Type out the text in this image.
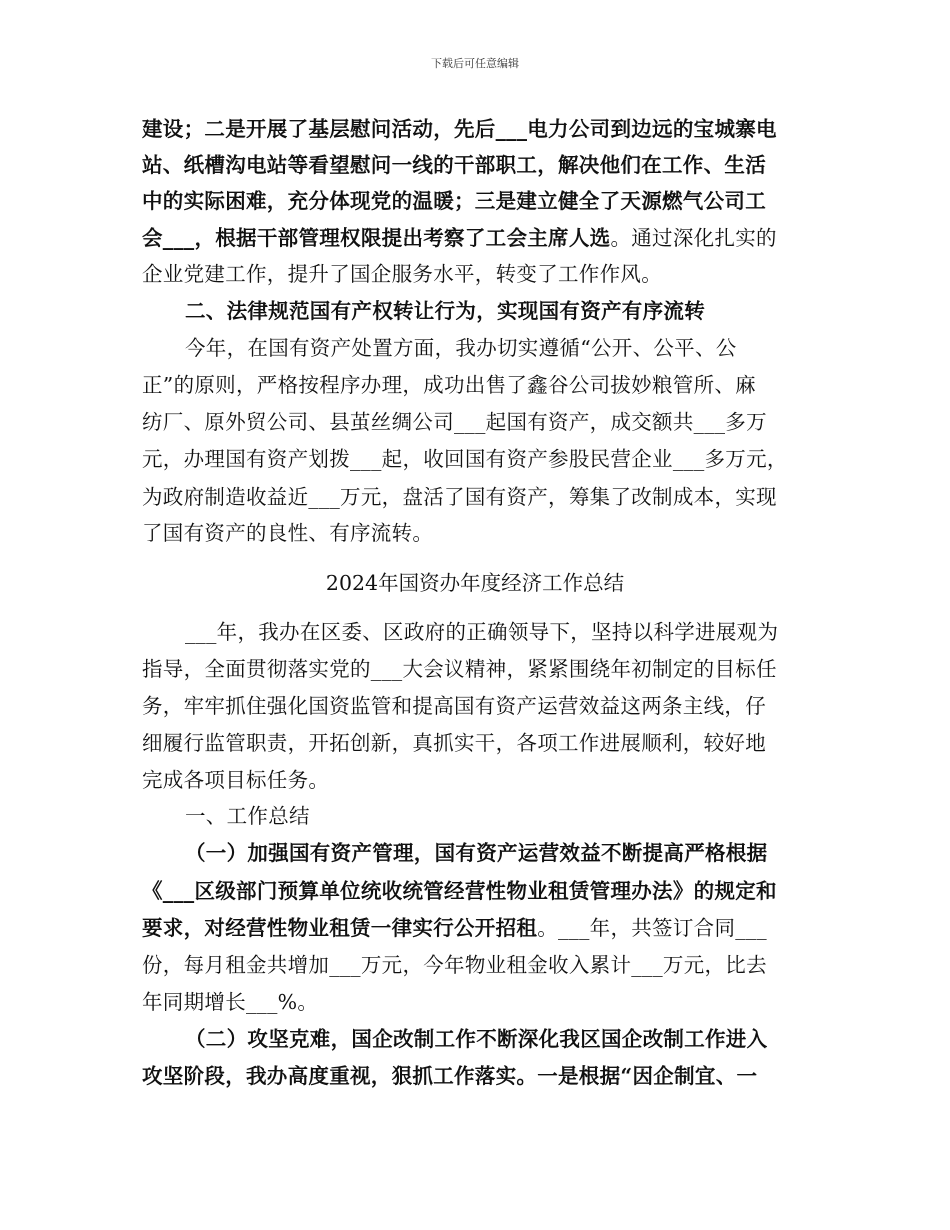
下载后可任意编辑
建设；二是开展了基层慰问活动，先后___电力公司到边远的宝城寨电
站、纸槽沟电站等看望慰问一线的干部职工，解决他们在工作、生活
中的实际困难，充分体现党的温暖；三是建立健全了天源燃气公司工
会___，根据干部管理权限提出考察了工会主席人选。通过深化扎实的
企业党建工作，提升了国企服务水平，转变了工作作风。
二、法律规范国有产权转让行为，实现国有资产有序流转
今年，在国有资产处置方面，我办切实遵循“公开、公平、公
正”的原则，严格按程序办理，成功出售了鑫谷公司拔妙粮管所、麻
纺厂、原外贸公司、县茧丝绸公司___起国有资产，成交额共___多万
元，办理国有资产划拨___起，收回国有资产参股民营企业___多万元，
为政府制造收益近___万元，盘活了国有资产，筹集了改制成本，实现
了国有资产的良性、有序流转。
___年，我办在区委、区政府的正确领导下，坚持以科学进展观为
指导，全面贯彻落实党的___大会议精神，紧紧围绕年初制定的目标任
务，牢牢抓住强化国资监管和提高国有资产运营效益这两条主线，仔
细履行监管职责，开拓创新，真抓实干，各项工作进展顺利，较好地
完成各项目标任务。
一、工作总结
（一）加强国有资产管理，国有资产运营效益不断提高严格根据
《___区级部门预算单位统收统管经营性物业租赁管理办法》的规定和
要求，对经营性物业租赁一律实行公开招租。___年，共签订合同___
份，每月租金共增加___万元，今年物业租金收入累计___万元，比去
年同期增长___%。
（二）攻坚克难，国企改制工作不断深化我区国企改制工作进入
攻坚阶段，我办高度重视，狠抓工作落实。一是根据“因企制宜、一
2024年国资办年度经济工作总结
